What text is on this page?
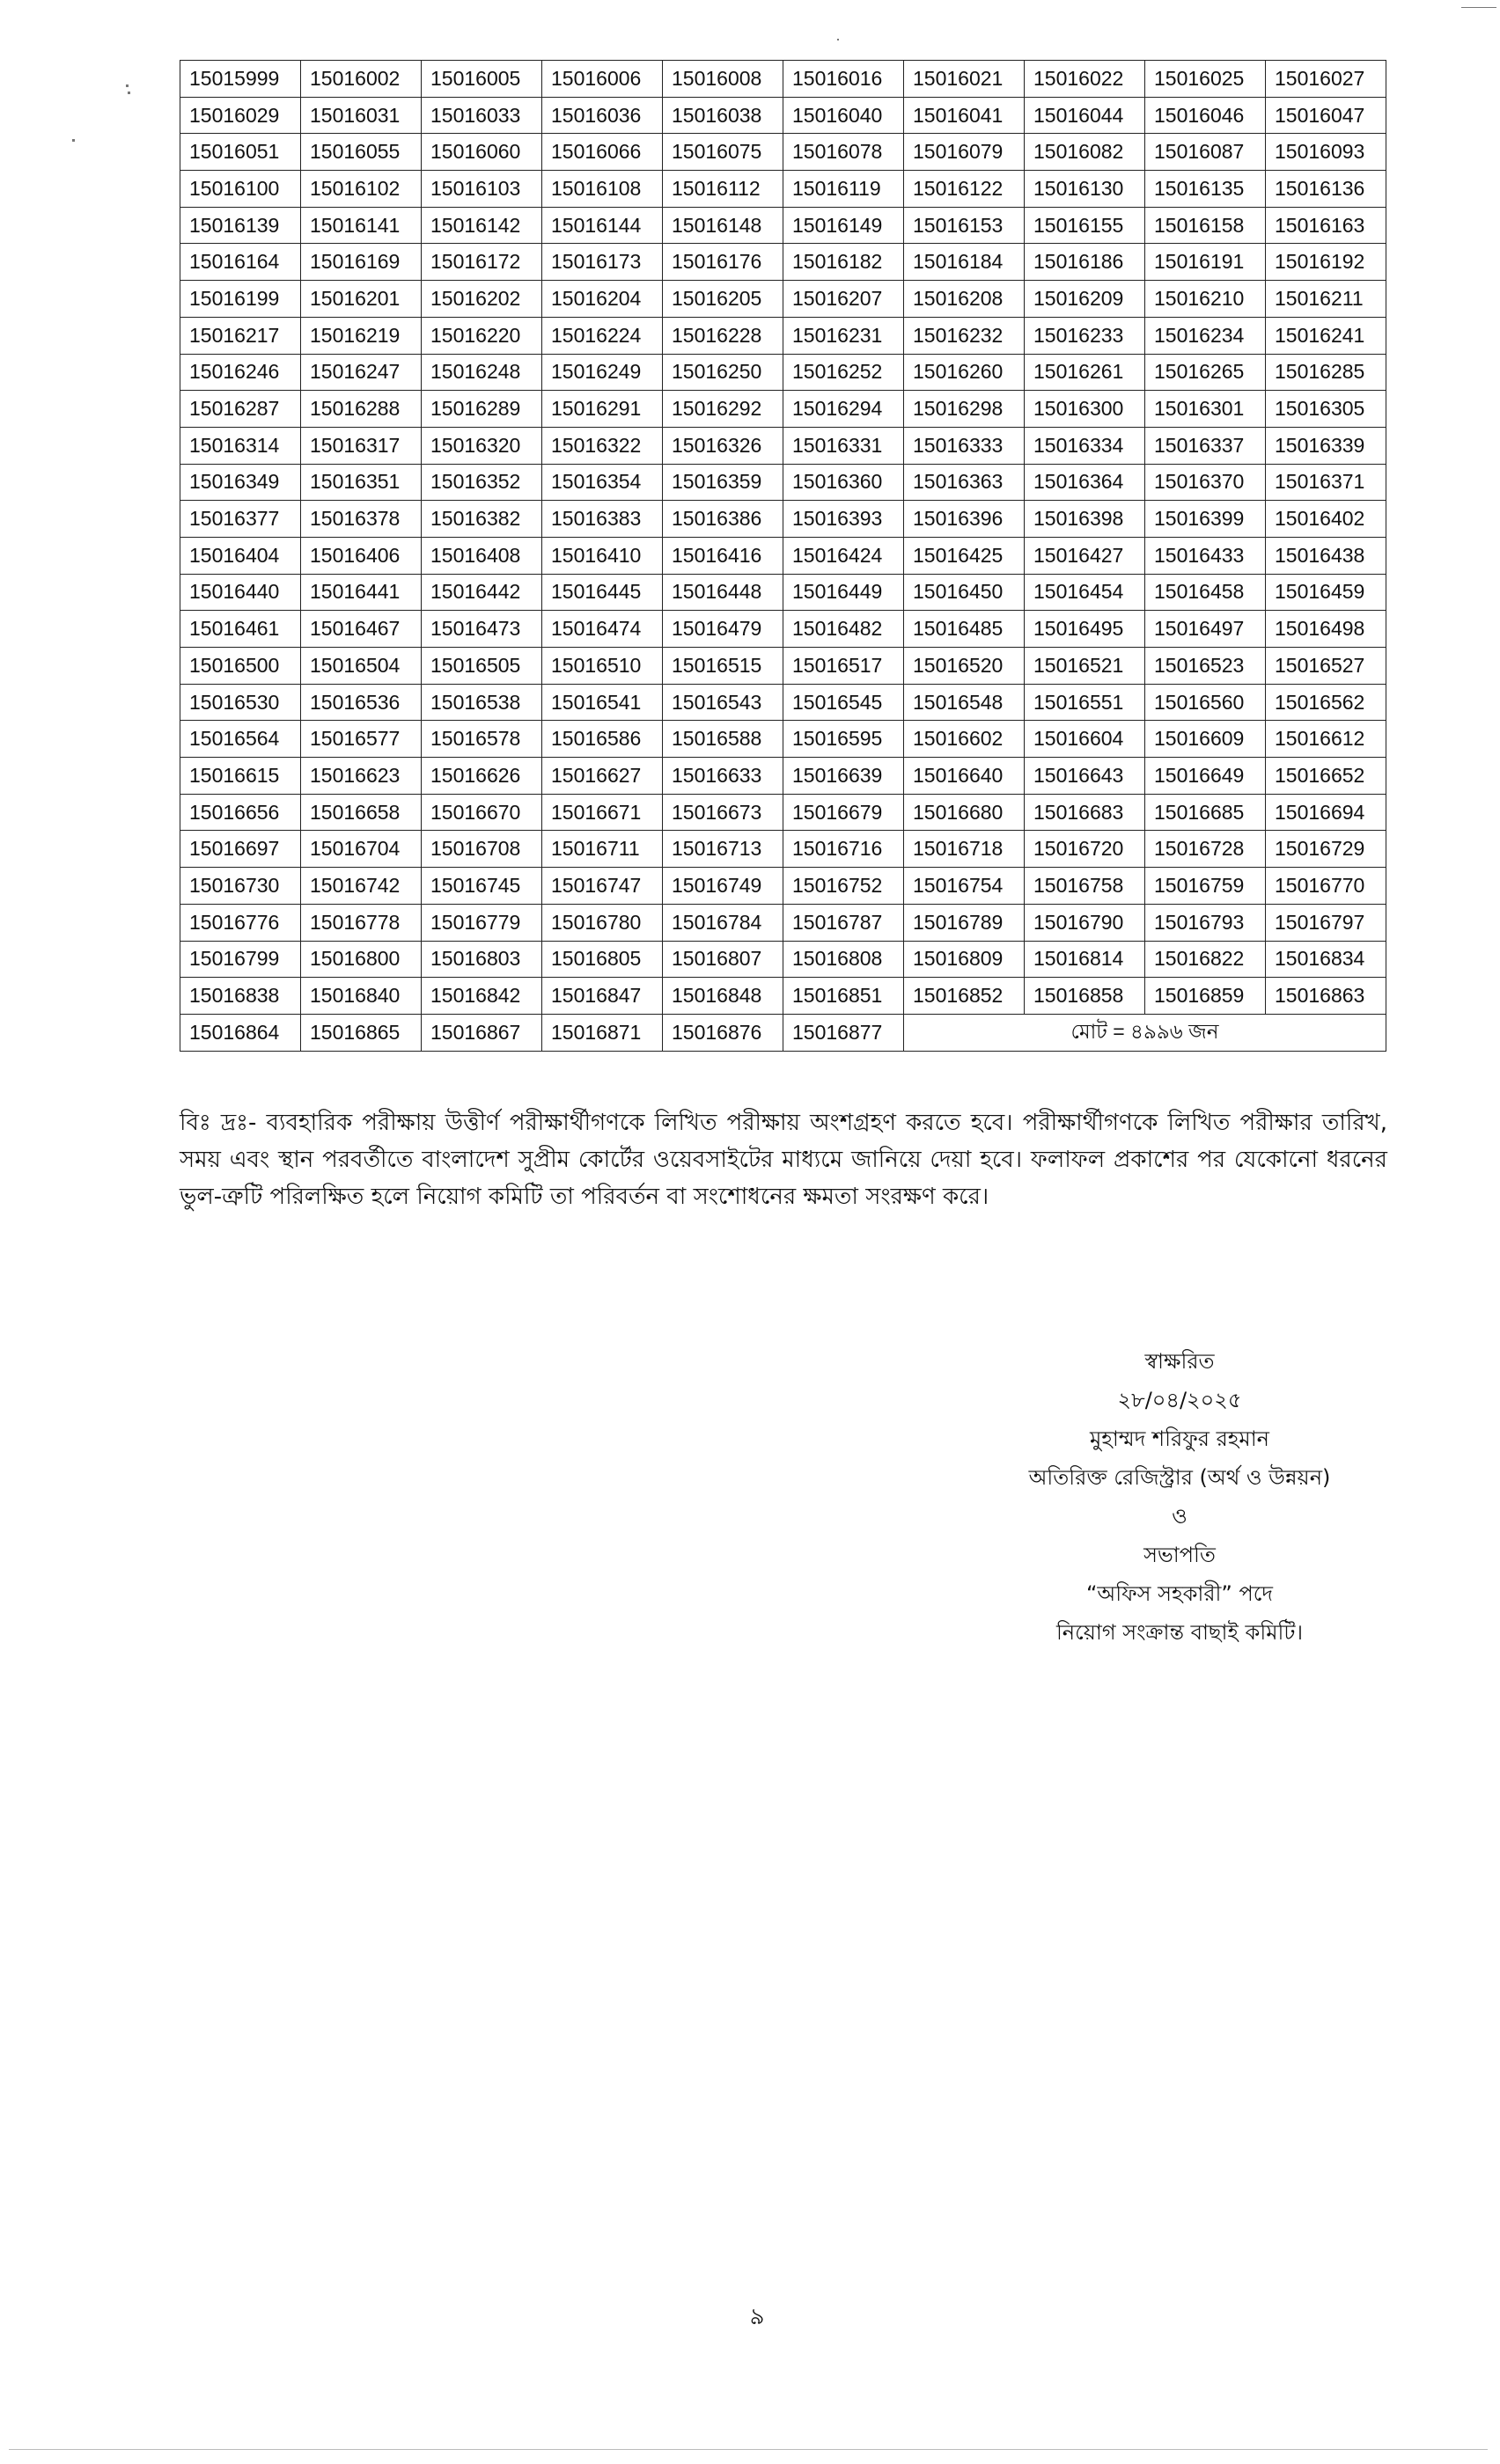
15015999	15016002	15016005	15016006	15016008	15016016	15016021	15016022	15016025	15016027
15016029	15016031	15016033	15016036	15016038	15016040	15016041	15016044	15016046	15016047
15016051	15016055	15016060	15016066	15016075	15016078	15016079	15016082	15016087	15016093
15016100	15016102	15016103	15016108	15016112	15016119	15016122	15016130	15016135	15016136
15016139	15016141	15016142	15016144	15016148	15016149	15016153	15016155	15016158	15016163
15016164	15016169	15016172	15016173	15016176	15016182	15016184	15016186	15016191	15016192
15016199	15016201	15016202	15016204	15016205	15016207	15016208	15016209	15016210	15016211
15016217	15016219	15016220	15016224	15016228	15016231	15016232	15016233	15016234	15016241
15016246	15016247	15016248	15016249	15016250	15016252	15016260	15016261	15016265	15016285
15016287	15016288	15016289	15016291	15016292	15016294	15016298	15016300	15016301	15016305
15016314	15016317	15016320	15016322	15016326	15016331	15016333	15016334	15016337	15016339
15016349	15016351	15016352	15016354	15016359	15016360	15016363	15016364	15016370	15016371
15016377	15016378	15016382	15016383	15016386	15016393	15016396	15016398	15016399	15016402
15016404	15016406	15016408	15016410	15016416	15016424	15016425	15016427	15016433	15016438
15016440	15016441	15016442	15016445	15016448	15016449	15016450	15016454	15016458	15016459
15016461	15016467	15016473	15016474	15016479	15016482	15016485	15016495	15016497	15016498
15016500	15016504	15016505	15016510	15016515	15016517	15016520	15016521	15016523	15016527
15016530	15016536	15016538	15016541	15016543	15016545	15016548	15016551	15016560	15016562
15016564	15016577	15016578	15016586	15016588	15016595	15016602	15016604	15016609	15016612
15016615	15016623	15016626	15016627	15016633	15016639	15016640	15016643	15016649	15016652
15016656	15016658	15016670	15016671	15016673	15016679	15016680	15016683	15016685	15016694
15016697	15016704	15016708	15016711	15016713	15016716	15016718	15016720	15016728	15016729
15016730	15016742	15016745	15016747	15016749	15016752	15016754	15016758	15016759	15016770
15016776	15016778	15016779	15016780	15016784	15016787	15016789	15016790	15016793	15016797
15016799	15016800	15016803	15016805	15016807	15016808	15016809	15016814	15016822	15016834
15016838	15016840	15016842	15016847	15016848	15016851	15016852	15016858	15016859	15016863
15016864	15016865	15016867	15016871	15016876	15016877	মোট = ৪৯৯৬ জন			
বিঃ দ্রঃ- ব্যবহারিক পরীক্ষায় উত্তীর্ণ পরীক্ষার্থীগণকে লিখিত পরীক্ষায় অংশগ্রহণ করতে হবে। পরীক্ষার্থীগণকে লিখিত পরীক্ষার তারিখ, সময় এবং স্থান পরবর্তীতে বাংলাদেশ সুপ্রীম কোর্টের ওয়েবসাইটের মাধ্যমে জানিয়ে দেয়া হবে। ফলাফল প্রকাশের পর যেকোনো ধরনের ভুল-ত্রুটি পরিলক্ষিত হলে নিয়োগ কমিটি তা পরিবর্তন বা সংশোধনের ক্ষমতা সংরক্ষণ করে।
স্বাক্ষরিত
২৮/০৪/২০২৫
মুহাম্মদ শরিফুর রহমান
অতিরিক্ত রেজিস্ট্রার (অর্থ ও উন্নয়ন)
ও
সভাপতি
“অফিস সহকারী” পদে
নিয়োগ সংক্রান্ত বাছাই কমিটি।
৯
